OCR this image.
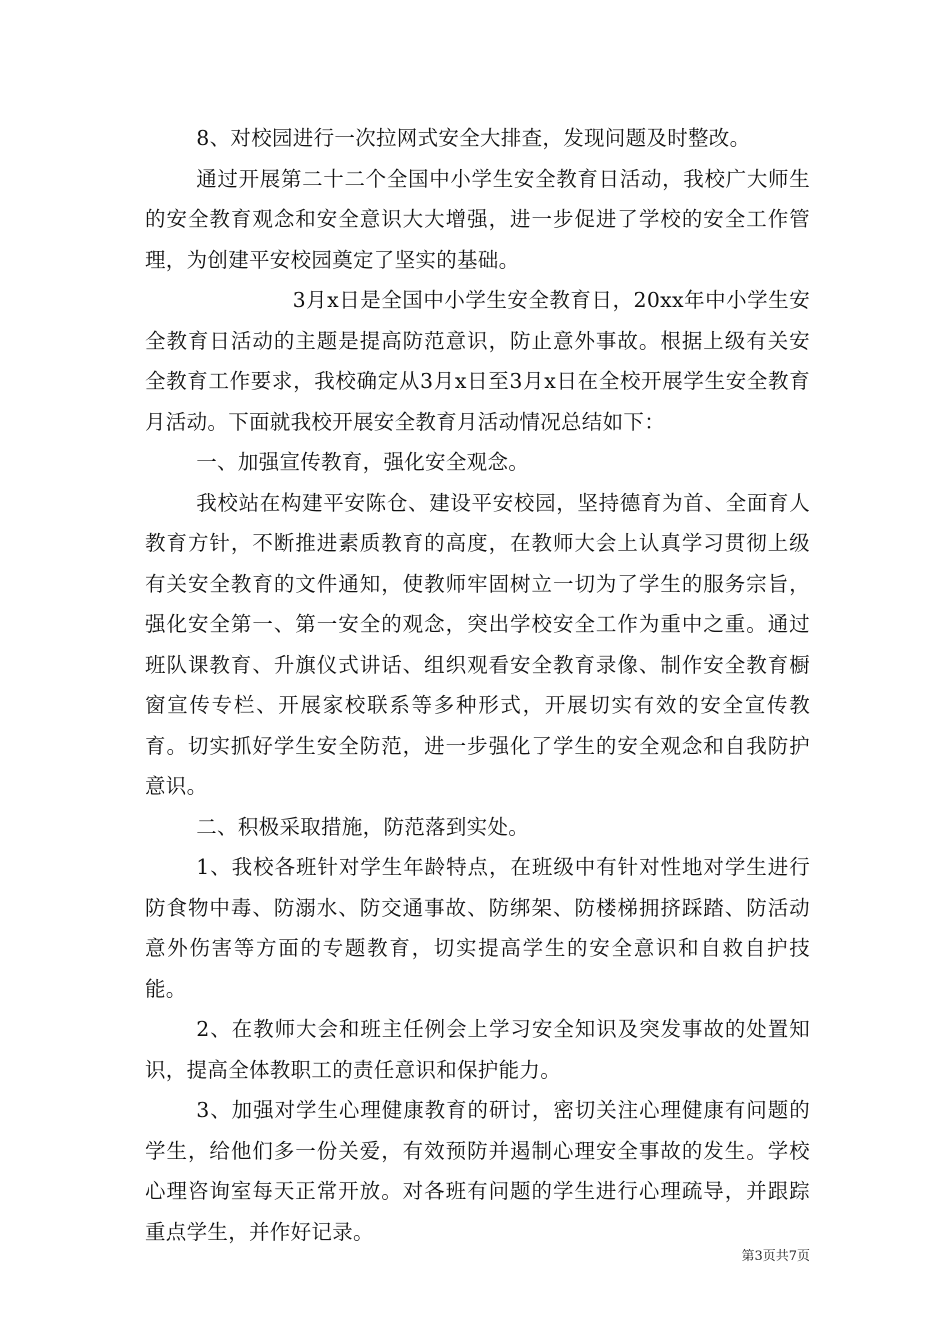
8、对校园进行一次拉网式安全大排查，发现问题及时整改。

通过开展第二十二个全国中小学生安全教育日活动，我校广大师生的安全教育观念和安全意识大大增强，进一步促进了学校的安全工作管理，为创建平安校园奠定了坚实的基础。

3月x日是全国中小学生安全教育日，20xx年中小学生安全教育日活动的主题是提高防范意识，防止意外事故。根据上级有关安全教育工作要求，我校确定从3月x日至3月x日在全校开展学生安全教育月活动。下面就我校开展安全教育月活动情况总结如下：

一、加强宣传教育，强化安全观念。

我校站在构建平安陈仓、建设平安校园，坚持德育为首、全面育人教育方针，不断推进素质教育的高度，在教师大会上认真学习贯彻上级有关安全教育的文件通知，使教师牢固树立一切为了学生的服务宗旨，强化安全第一、第一安全的观念，突出学校安全工作为重中之重。通过班队课教育、升旗仪式讲话、组织观看安全教育录像、制作安全教育橱窗宣传专栏、开展家校联系等多种形式，开展切实有效的安全宣传教育。切实抓好学生安全防范，进一步强化了学生的安全观念和自我防护意识。

二、积极采取措施，防范落到实处。

1、我校各班针对学生年龄特点，在班级中有针对性地对学生进行防食物中毒、防溺水、防交通事故、防绑架、防楼梯拥挤踩踏、防活动意外伤害等方面的专题教育，切实提高学生的安全意识和自救自护技能。

2、在教师大会和班主任例会上学习安全知识及突发事故的处置知识，提高全体教职工的责任意识和保护能力。

3、加强对学生心理健康教育的研讨，密切关注心理健康有问题的学生，给他们多一份关爱，有效预防并遏制心理安全事故的发生。学校心理咨询室每天正常开放。对各班有问题的学生进行心理疏导，并跟踪重点学生，并作好记录。

第3页共7页
